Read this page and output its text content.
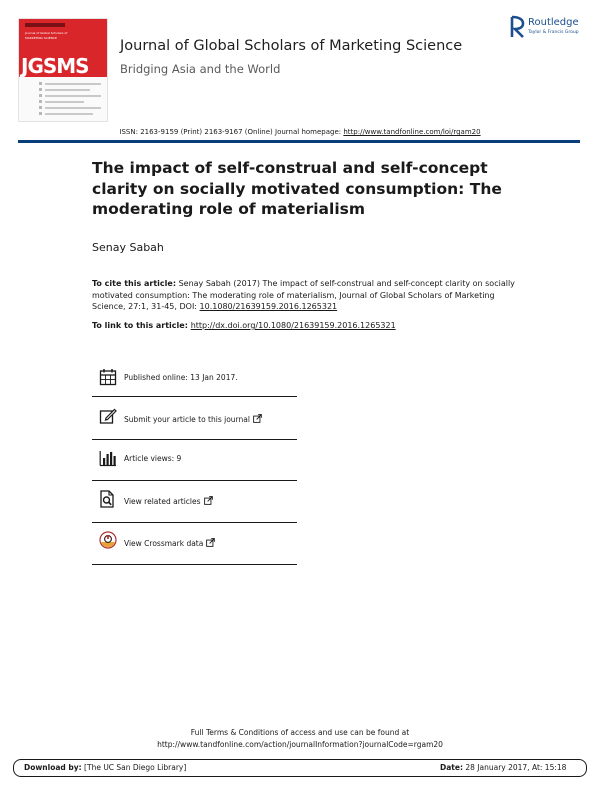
Journal of Global Scholars of
MARKETING SCIENCE
JGSMS
Journal of Global Scholars of Marketing Science
Bridging Asia and the World
Routledge
Taylor & Francis Group
ISSN: 2163-9159 (Print) 2163-9167 (Online) Journal homepage: http://www.tandfonline.com/loi/rgam20
The impact of self-construal and self-concept clarity on socially motivated consumption: The moderating role of materialism
Senay Sabah
To cite this article: Senay Sabah (2017) The impact of self-construal and self-concept clarity on socially motivated consumption: The moderating role of materialism, Journal of Global Scholars of Marketing Science, 27:1, 31-45, DOI: 10.1080/21639159.2016.1265321
To link to this article: http://dx.doi.org/10.1080/21639159.2016.1265321
Published online: 13 Jan 2017.
Submit your article to this journal
Article views: 9
View related articles
View Crossmark data
Full Terms & Conditions of access and use can be found at
http://www.tandfonline.com/action/journalInformation?journalCode=rgam20
Download by: [The UC San Diego Library]	Date: 28 January 2017, At: 15:18
